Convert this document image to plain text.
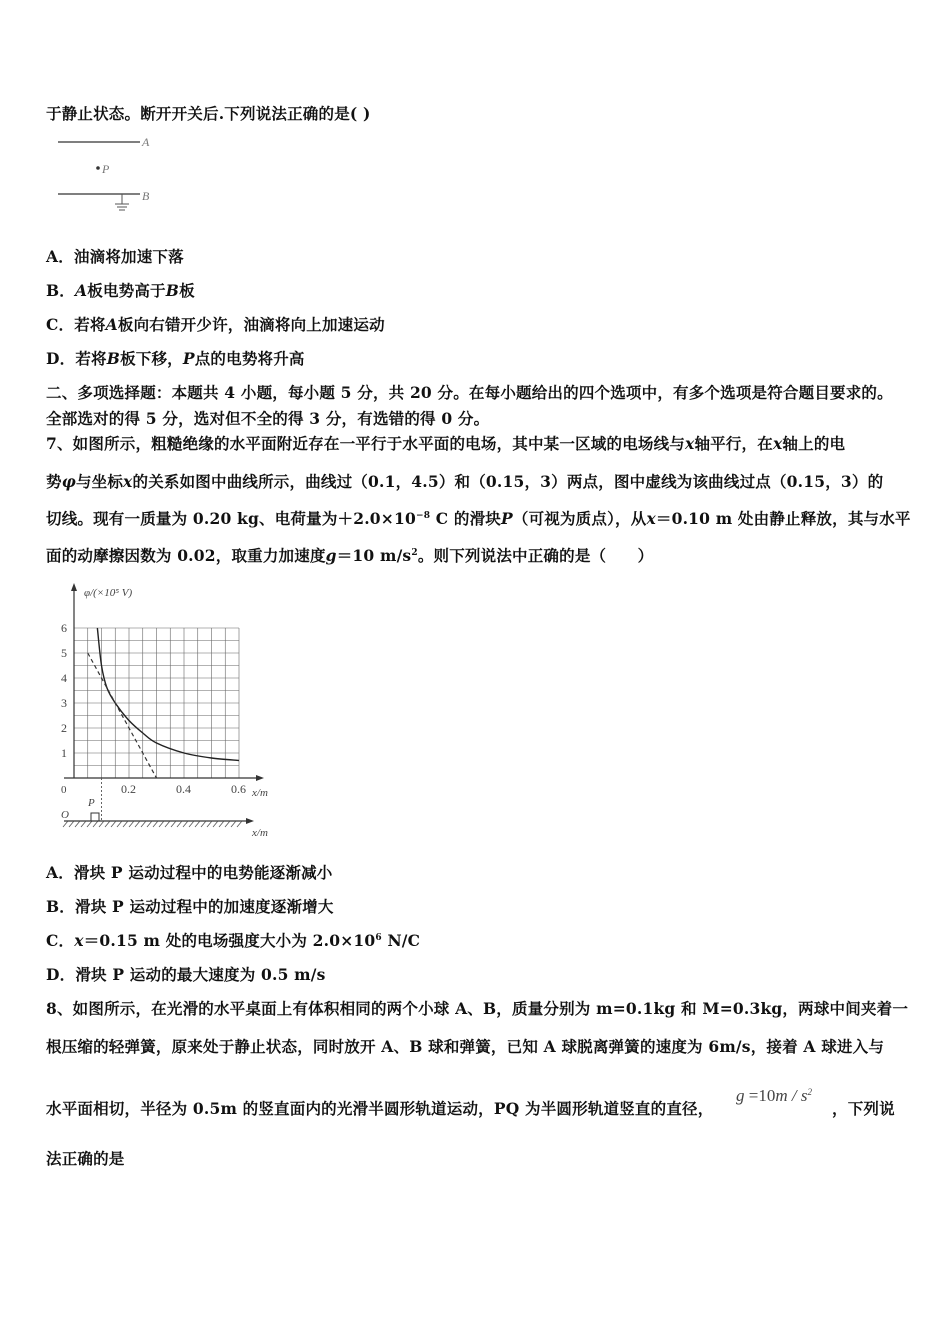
于静止状态。断开开关后.下列说法正确的是( )
A
P
B
A．油滴将加速下落
B．A板电势高于B板
C．若将A板向右错开少许，油滴将向上加速运动
D．若将B板下移，P点的电势将升高
二、多项选择题：本题共 4 小题，每小题 5 分，共 20 分。在每小题给出的四个选项中，有多个选项是符合题目要求的。
全部选对的得 5 分，选对但不全的得 3 分，有选错的得 0 分。
7、如图所示，粗糙绝缘的水平面附近存在一平行于水平面的电场，其中某一区域的电场线与x轴平行，在x轴上的电
势φ与坐标x的关系如图中曲线所示，曲线过（0.1，4.5）和（0.15，3）两点，图中虚线为该曲线过点（0.15，3）的
切线。现有一质量为 0.20 kg、电荷量为$+2.0\times 10^{-8}$ C 的滑块P（可视为质点），从x＝0.10 m 处由静止释放，其与水平
面的动摩擦因数为 0.02，取重力加速度g＝10 $m/s^2$。则下列说法中正确的是（　　）
φ/(×10⁵ V)
x/m
0
1
2
3
4
5
6
0.2	0.4	0.6
O
x/m
P
A．滑块 P 运动过程中的电势能逐渐减小
B．滑块 P 运动过程中的加速度逐渐增大
C．x＝0.15 m 处的电场强度大小为 $2.0\times 10^6$ N/C
D．滑块 P 运动的最大速度为 0.5 m/s
8、如图所示，在光滑的水平桌面上有体积相同的两个小球 A、B，质量分别为 m=0.1kg 和 M=0.3kg，两球中间夹着一
根压缩的轻弹簧，原来处于静止状态，同时放开 A、B 球和弹簧，已知 A 球脱离弹簧的速度为 6m/s，接着 A 球进入与
水平面相切，半径为 0.5m 的竖直面内的光滑半圆形轨道运动，PQ 为半圆形轨道竖直的直径，
$g =10m / s^2$
，下列说
法正确的是
